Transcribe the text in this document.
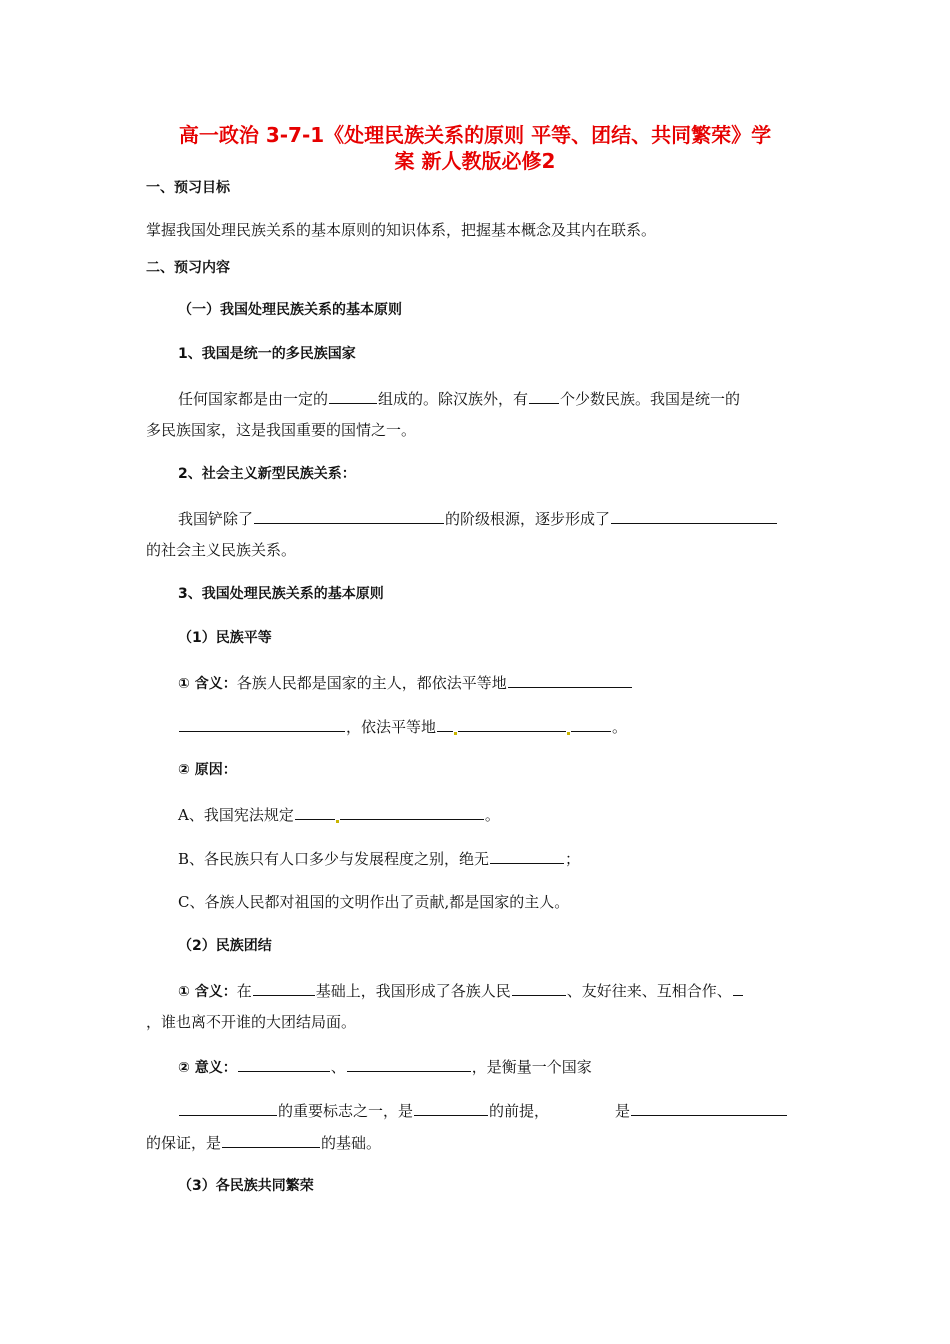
高一政治 3-7-1《处理民族关系的原则 平等、团结、共同繁荣》学
案 新人教版必修2
一、预习目标
掌握我国处理民族关系的基本原则的知识体系，把握基本概念及其内在联系。
二、预习内容
（一）我国处理民族关系的基本原则
1、我国是统一的多民族国家
任何国家都是由一定的	组成的。除汉族外，有 个少数民族。我国是统一的
多民族国家，这是我国重要的国情之一。
2、社会主义新型民族关系：
我国铲除了	的阶级根源，逐步形成了
的社会主义民族关系。
3、我国处理民族关系的基本原则
（1）民族平等
① 含义：各族人民都是国家的主人，都依法平等地
，依法平等地	。
② 原因：
A、我国宪法规定	。
B、各民族只有人口多少与发展程度之别，绝无	；
C、各族人民都对祖国的文明作出了贡献,都是国家的主人。
（2）民族团结
① 含义：在	基础上，我国形成了各族人民	、友好往来、互相合作、
，谁也离不开谁的大团结局面。
② 意义：	、	，是衡量一个国家
的重要标志之一，是	的前提，	是
的保证，是	的基础。
（3）各民族共同繁荣
